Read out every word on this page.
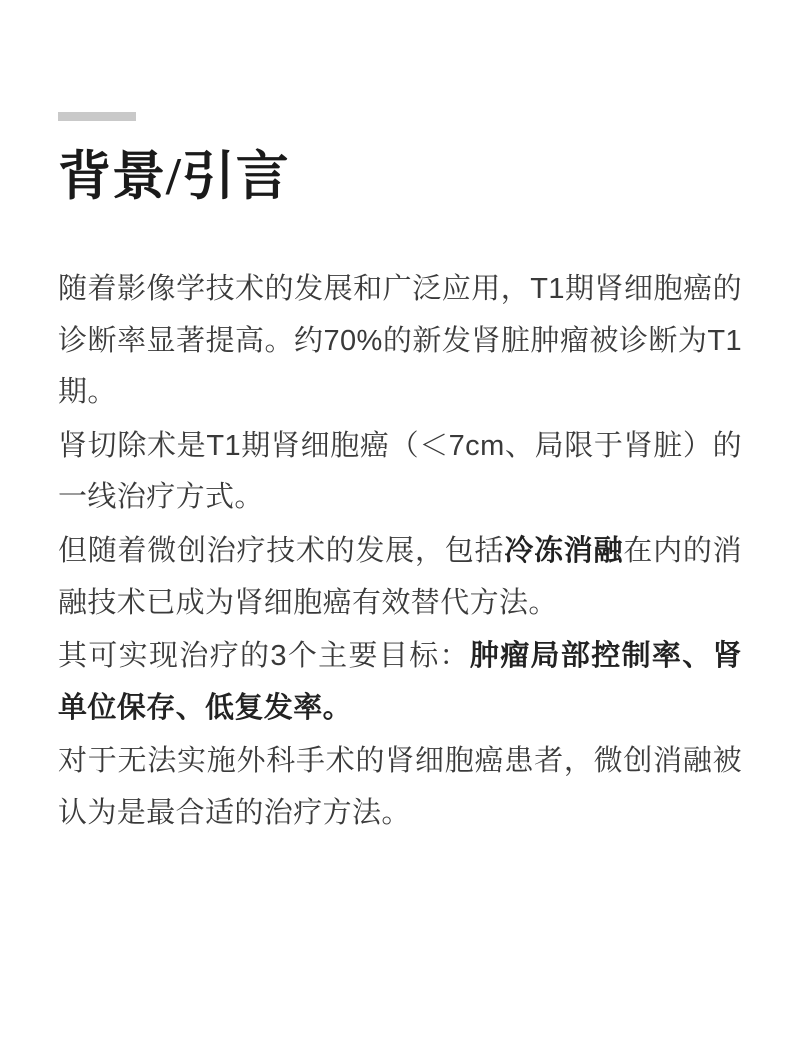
背景/引言

随着影像学技术的发展和广泛应用，T1期肾细胞癌的诊断率显著提高。约70%的新发肾脏肿瘤被诊断为T1期。

肾切除术是T1期肾细胞癌（＜7cm、局限于肾脏）的一线治疗方式。

但随着微创治疗技术的发展，包括冷冻消融在内的消融技术已成为肾细胞癌有效替代方法。

其可实现治疗的3个主要目标：肿瘤局部控制率、肾单位保存、低复发率。

对于无法实施外科手术的肾细胞癌患者，微创消融被认为是最合适的治疗方法。
